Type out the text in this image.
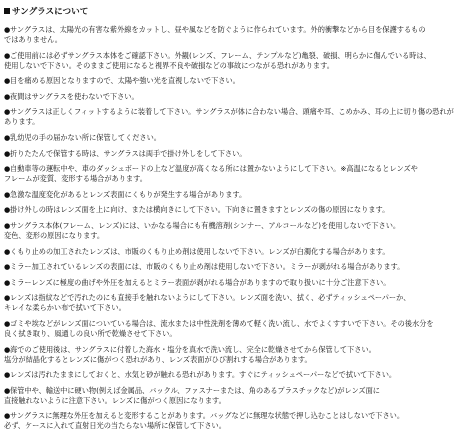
サングラスについて
●サングラスは、太陽光の有害な紫外線をカットし、昼や風などを防ぐように作られています。外的衝撃などから目を保護するもの
ではありません。
●ご使用前には必ずサングラス本体をご確認下さい。外観(レンズ、フレーム、テンプルなど)亀裂、破損、明らかに傷んでいる時は、
使用しないで下さい。そのままご使用になると視界不良や破損などの事故につながる恐れがあります。
●目を痛める原因となりますので、太陽や強い光を直視しないで下さい。
●夜間はサングラスを使わないで下さい。
●サングラスは正しくフィットするように装着して下さい。サングラスが体に合わない場合、頭痛や耳、こめかみ、耳の上に切り傷の恐れが
あります。
●乳幼児の手の届かない所に保管してください。
●折りたたんで保管する時は、サングラスは両手で掛け外しをして下さい。
●自動車等の運転中や、車のダッシュボードの上など温度が高くなる所には置かないようにして下さい。※高温になるとレンズや
フレームが変質、変形する場合があります。
●急激な温度変化があるとレンズ表面にくもりが発生する場合があります。
●掛け外しの時はレンズ面を上に向け、または横向きにして下さい。下向きに置きますとレンズの傷の原因になります。
●サングラス本体(フレーム、レンズ)には、いかなる場合にも有機溶剤(シンナー、アルコールなど)を使用しないで下さい。
変色、変形の原因になります。
●くもり止めの加工されたレンズは、市販のくもり止め剤は使用しないで下さい。レンズが白濁化する場合があります。
●ミラー加工されているレンズの表面には、市販のくもり止め剤は使用しないで下さい。ミラーが剥がれる場合があります。
●ミラーレンズに極度の曲げや外圧を加えるとミラー表面が剥がれる場合がありますので取り扱いに十分ご注意下さい。
●レンズは指紋などで汚れたのにも直接手を触れないようにして下さい。レンズ面を洗い、拭く、必ずティッシュペーパーか、
キレイな柔らかい布で拭いて下さい。
●ゴミや埃などがレンズ面についている場合は、流水または中性洗剤を薄めて軽く洗い流し、水でよくすすいで下さい。その後水分を
良く拭き取り、風通しの良い所で乾燥させて下さい。
●海でのご使用後は、サングラスに付着した海水・塩分を真水で洗い流し、完全に乾燥させてから保管して下さい。
塩分が結晶化するとレンズに傷がつく恐れがあり、レンズ表面がひび割れする場合があります。
●レンズは汚れたままにしておくと、水気と砂が触れる恐れがあります。すぐにティッシュペーパーなどで拭いて下さい。
●保管中や、輸送中に硬い物(例えば金属品、バックル、ファスナーまたは、角のあるプラスチックなど)がレンズ面に
直接触れないように注意下さい。レンズに傷がつく原因になります。
●サングラスに無理な外圧を加えると変形することがあります。バッグなどに無理な状態で押し込むことはしないで下さい。
必ず、ケースに入れて直射日光の当たらない場所に保管して下さい。
